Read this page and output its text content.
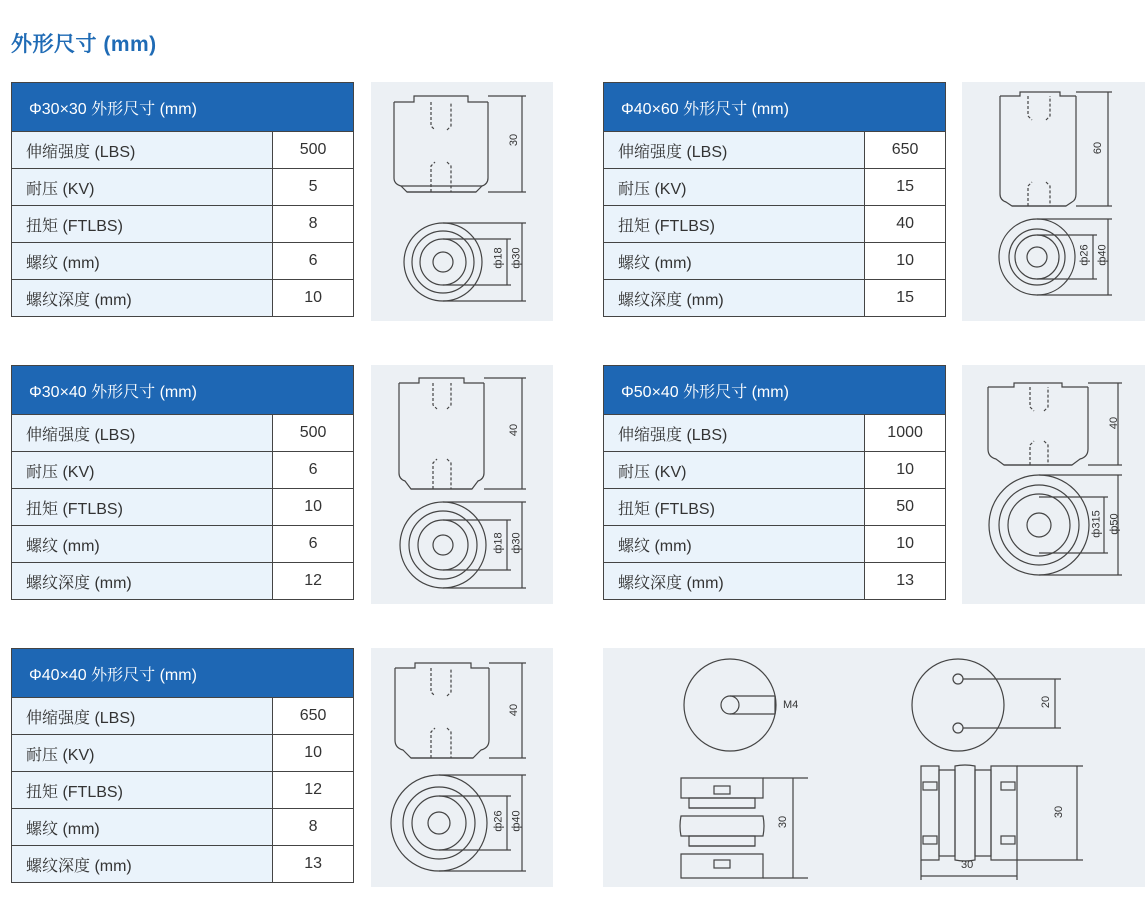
外形尺寸 (mm)
Φ30×30 外形尺寸 (mm)	
伸缩强度 (LBS)	500
耐压 (KV)	5
扭矩 (FTLBS)	8
螺纹 (mm)	6
螺纹深度 (mm)	10
Φ40×60 外形尺寸 (mm)	
伸缩强度 (LBS)	650
耐压 (KV)	15
扭矩 (FTLBS)	40
螺纹 (mm)	10
螺纹深度 (mm)	15
Φ30×40 外形尺寸 (mm)	
伸缩强度 (LBS)	500
耐压 (KV)	6
扭矩 (FTLBS)	10
螺纹 (mm)	6
螺纹深度 (mm)	12
Φ50×40 外形尺寸 (mm)	
伸缩强度 (LBS)	1000
耐压 (KV)	10
扭矩 (FTLBS)	50
螺纹 (mm)	10
螺纹深度 (mm)	13
Φ40×40 外形尺寸 (mm)	
伸缩强度 (LBS)	650
耐压 (KV)	10
扭矩 (FTLBS)	12
螺纹 (mm)	8
螺纹深度 (mm)	13
30
ф18 ф30
60
ф26 ф40
40
ф18 ф30
40
ф315 ф50
40
ф26 ф40
M4	20
30
30
30
